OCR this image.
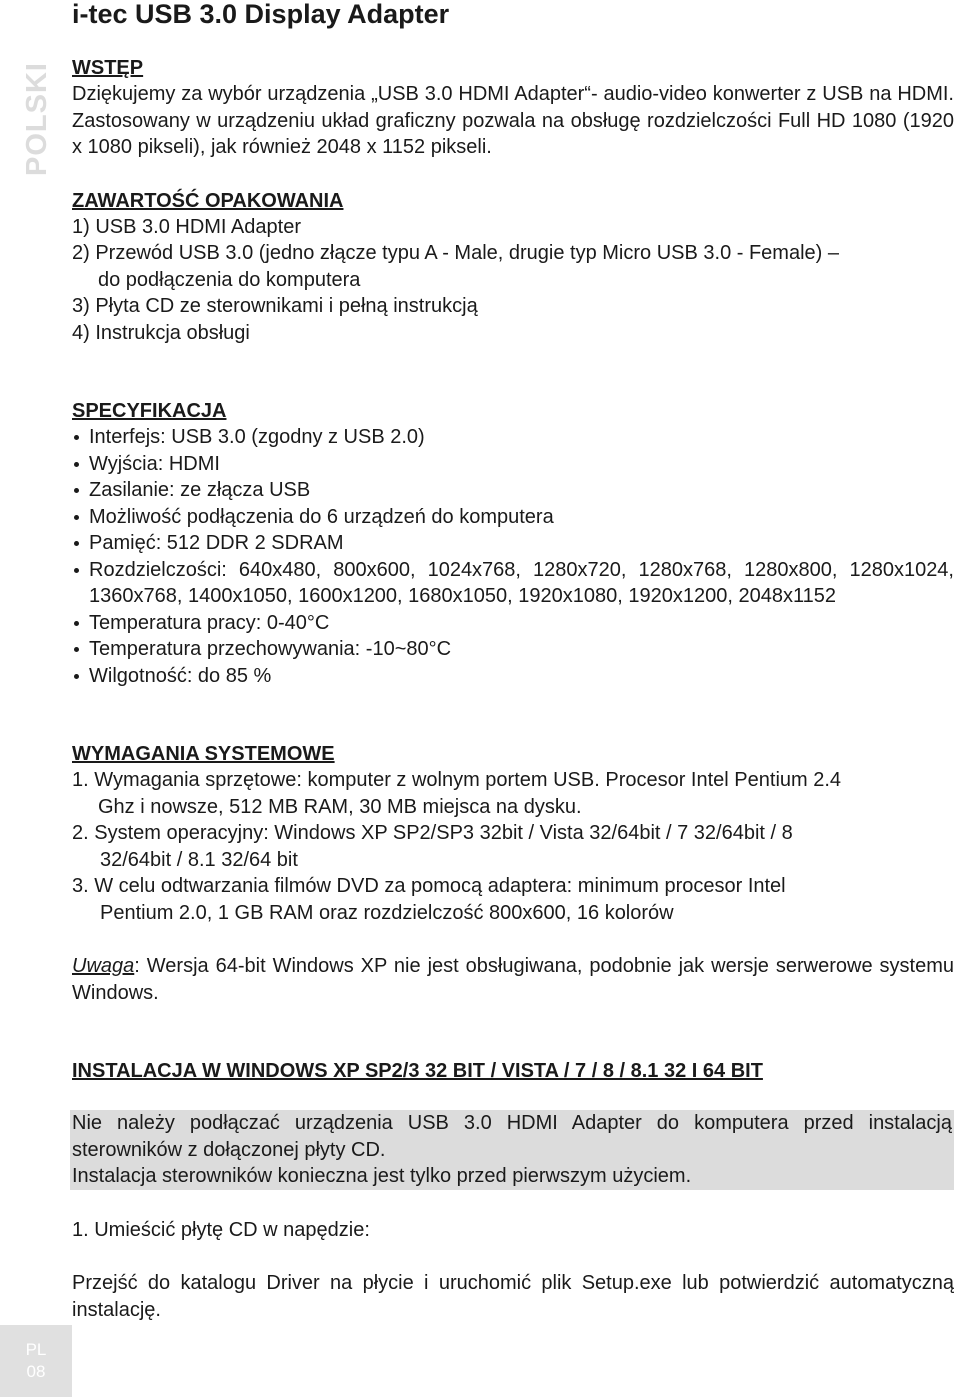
i-tec USB 3.0 Display Adapter
POLSKI WSTĘP

Dziękujemy za wybór urządzenia „USB 3.0 HDMI Adapter“- audio-video konwerter z USB na HDMI. Zastosowany w urządzeniu układ graficzny pozwala na obsługę rozdzielczości Full HD 1080 (1920 x 1080 pikseli), jak również 2048 x 1152 pikseli.

ZAWARTOŚĆ OPAKOWANIA

1) USB 3.0 HDMI Adapter

2) Przewód USB 3.0 (jedno złącze typu A - Male, drugie typ Micro USB 3.0 - Female) –

do podłączenia do komputera

3) Płyta CD ze sterownikami i pełną instrukcją

4) Instrukcja obsługi

SPECYFIKACJA

Interfejs: USB 3.0 (zgodny z USB 2.0)
Wyjścia: HDMI
Zasilanie: ze złącza USB
Możliwość podłączenia do 6 urządzeń do komputera
Pamięć: 512 DDR 2 SDRAM
Rozdzielczości: 640x480, 800x600, 1024x768, 1280x720, 1280x768, 1280x800, 1280x1024, 1360x768, 1400x1050, 1600x1200, 1680x1050, 1920x1080, 1920x1200, 2048x1152
Temperatura pracy: 0-40°C
Temperatura przechowywania: -10~80°C
Wilgotność: do 85 %

WYMAGANIA SYSTEMOWE

1. Wymagania sprzętowe: komputer z wolnym portem USB. Procesor Intel Pentium 2.4

Ghz i nowsze, 512 MB RAM, 30 MB miejsca na dysku.

2. System operacyjny: Windows XP SP2/SP3 32bit / Vista 32/64bit / 7 32/64bit / 8

32/64bit / 8.1 32/64 bit

3. W celu odtwarzania filmów DVD za pomocą adaptera: minimum procesor Intel

Pentium 2.0, 1 GB RAM oraz rozdzielczość 800x600, 16 kolorów

Uwaga: Wersja 64-bit Windows XP nie jest obsługiwana, podobnie jak wersje serwerowe systemu Windows.

INSTALACJA W WINDOWS XP SP2/3 32 BIT / VISTA / 7 / 8 / 8.1 32 I 64 BIT

Nie należy podłączać urządzenia USB 3.0 HDMI Adapter do komputera przed instalacją sterowników z dołączonej płyty CD.

Instalacja sterowników konieczna jest tylko przed pierwszym użyciem.

1. Umieścić płytę CD w napędzie:

Przejść do katalogu Driver na płycie i uruchomić plik Setup.exe lub potwierdzić automatyczną instalację.

PL
08
